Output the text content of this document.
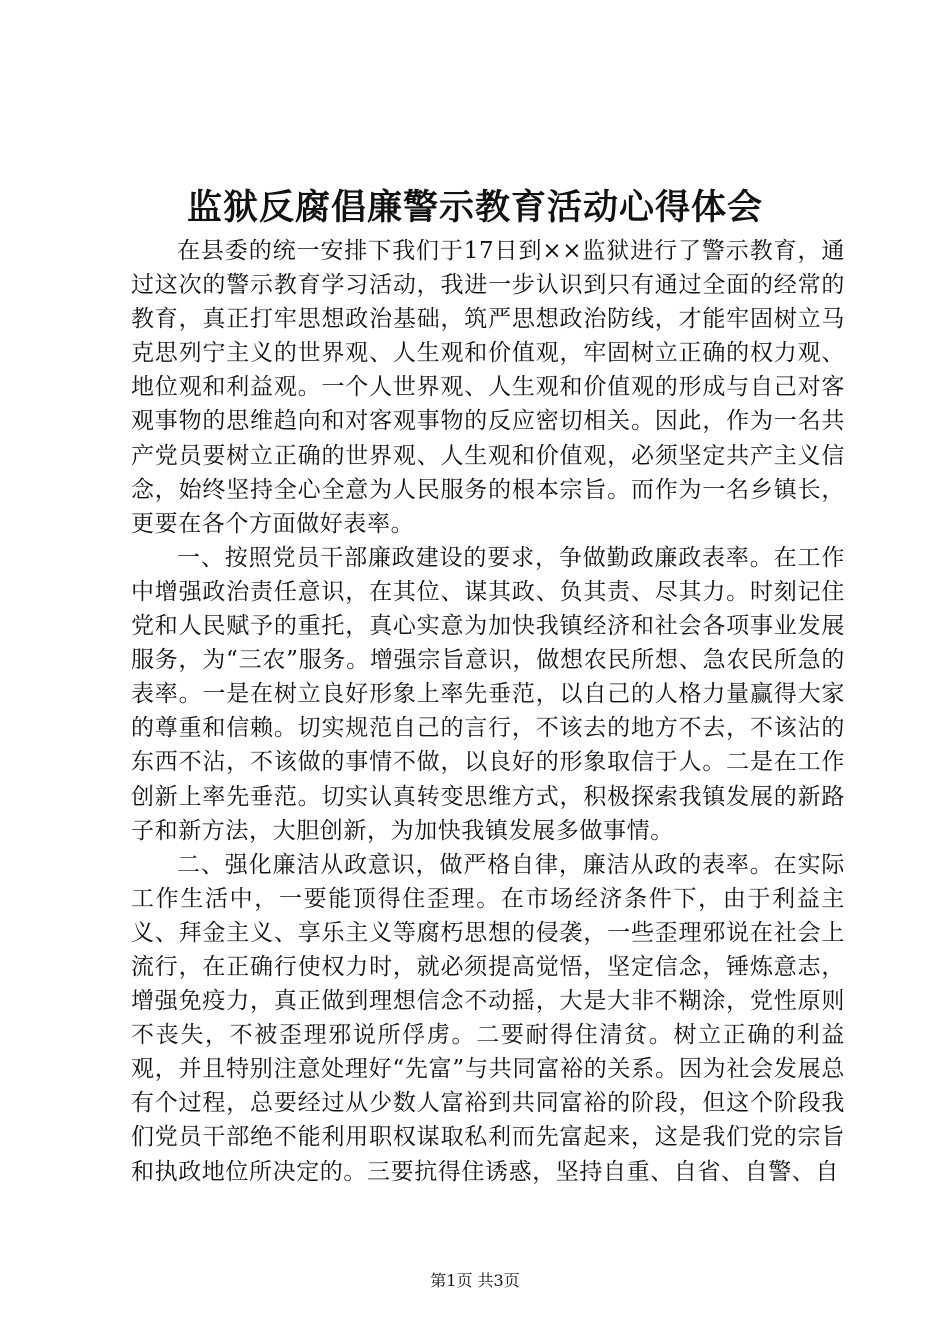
监狱反腐倡廉警示教育活动心得体会

在县委的统一安排下我们于17日到××监狱进行了警示教育，通过这次的警示教育学习活动，我进一步认识到只有通过全面的经常的教育，真正打牢思想政治基础，筑严思想政治防线，才能牢固树立马克思列宁主义的世界观、人生观和价值观，牢固树立正确的权力观、地位观和利益观。一个人世界观、人生观和价值观的形成与自己对客观事物的思维趋向和对客观事物的反应密切相关。因此，作为一名共产党员要树立正确的世界观、人生观和价值观，必须坚定共产主义信念，始终坚持全心全意为人民服务的根本宗旨。而作为一名乡镇长，更要在各个方面做好表率。

一、按照党员干部廉政建设的要求，争做勤政廉政表率。在工作中增强政治责任意识，在其位、谋其政、负其责、尽其力。时刻记住党和人民赋予的重托，真心实意为加快我镇经济和社会各项事业发展服务，为“三农”服务。增强宗旨意识，做想农民所想、急农民所急的表率。一是在树立良好形象上率先垂范，以自己的人格力量赢得大家的尊重和信赖。切实规范自己的言行，不该去的地方不去，不该沾的东西不沾，不该做的事情不做，以良好的形象取信于人。二是在工作创新上率先垂范。切实认真转变思维方式，积极探索我镇发展的新路子和新方法，大胆创新，为加快我镇发展多做事情。

二、强化廉洁从政意识，做严格自律，廉洁从政的表率。在实际工作生活中，一要能顶得住歪理。在市场经济条件下，由于利益主义、拜金主义、享乐主义等腐朽思想的侵袭，一些歪理邪说在社会上流行，在正确行使权力时，就必须提高觉悟，坚定信念，锤炼意志，增强免疫力，真正做到理想信念不动摇，大是大非不糊涂，党性原则不丧失，不被歪理邪说所俘虏。二要耐得住清贫。树立正确的利益观，并且特别注意处理好“先富”与共同富裕的关系。因为社会发展总有个过程，总要经过从少数人富裕到共同富裕的阶段，但这个阶段我们党员干部绝不能利用职权谋取私利而先富起来，这是我们党的宗旨和执政地位所决定的。三要抗得住诱惑，坚持自重、自省、自警、自

第1页 共3页
